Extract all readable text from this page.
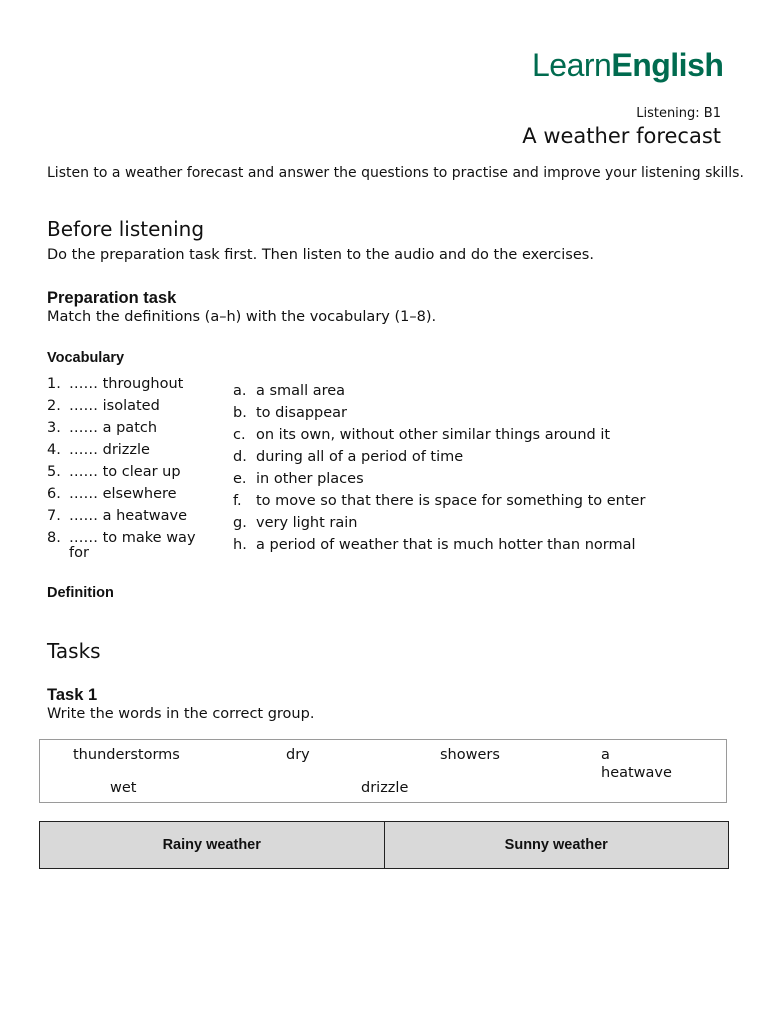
LearnEnglish
Listening: B1
A weather forecast
Listen to a weather forecast and answer the questions to practise and improve your listening skills.
Before listening
Do the preparation task first. Then listen to the audio and do the exercises.
Preparation task
Match the definitions (a–h) with the vocabulary (1–8).
Vocabulary
1. …… throughout
2. …… isolated
3. …… a patch
4. …… drizzle
5. …… to clear up
6. …… elsewhere
7. …… a heatwave
8. …… to make way
for
a. a small area
b. to disappear
c. on its own, without other similar things around it
d. during all of a period of time
e. in other places
f. to move so that there is space for something to enter
g. very light rain
h. a period of weather that is much hotter than normal
Definition
Tasks
Task 1
Write the words in the correct group.
thunderstorms	dry	showers	a
heatwave
wet	drizzle
Rainy weather	Sunny weather
